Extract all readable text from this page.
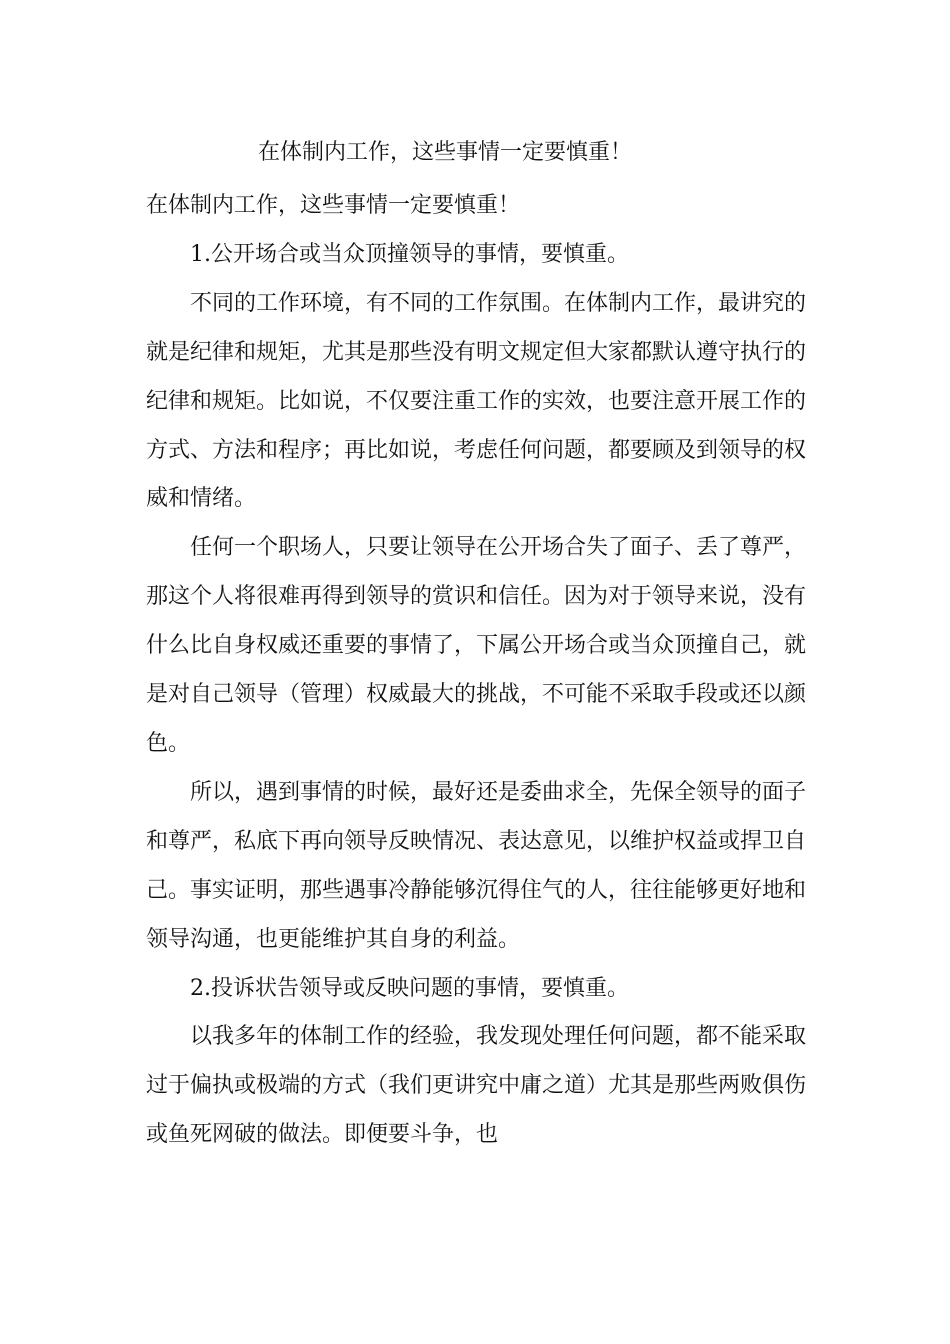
在体制内工作，这些事情一定要慎重！

在体制内工作，这些事情一定要慎重！

1.公开场合或当众顶撞领导的事情，要慎重。

不同的工作环境，有不同的工作氛围。在体制内工作，最讲究的就是纪律和规矩，尤其是那些没有明文规定但大家都默认遵守执行的纪律和规矩。比如说，不仅要注重工作的实效，也要注意开展工作的方式、方法和程序；再比如说，考虑任何问题，都要顾及到领导的权威和情绪。

任何一个职场人，只要让领导在公开场合失了面子、丢了尊严，那这个人将很难再得到领导的赏识和信任。因为对于领导来说，没有什么比自身权威还重要的事情了，下属公开场合或当众顶撞自己，就是对自己领导（管理）权威最大的挑战，不可能不采取手段或还以颜色。

所以，遇到事情的时候，最好还是委曲求全，先保全领导的面子和尊严，私底下再向领导反映情况、表达意见，以维护权益或捍卫自己。事实证明，那些遇事冷静能够沉得住气的人，往往能够更好地和领导沟通，也更能维护其自身的利益。

2.投诉状告领导或反映问题的事情，要慎重。

以我多年的体制工作的经验，我发现处理任何问题，都不能采取过于偏执或极端的方式（我们更讲究中庸之道）尤其是那些两败俱伤或鱼死网破的做法。即便要斗争，也
